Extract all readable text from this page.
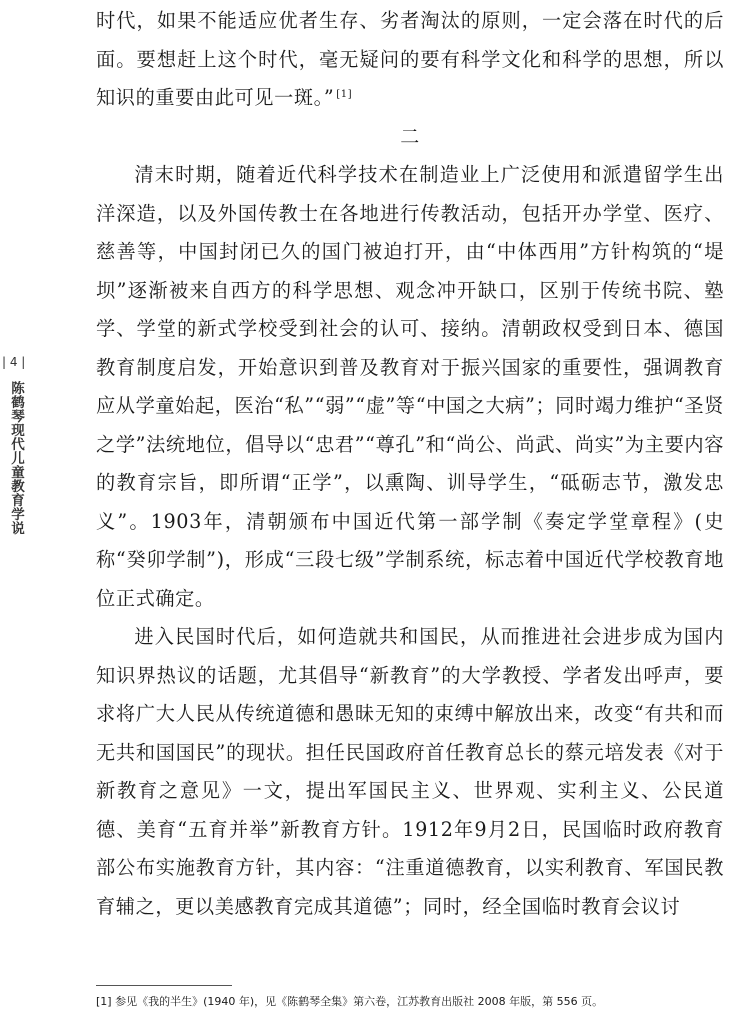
| 4 |
陈鹤琴现代儿童教育学说

时代，如果不能适应优者生存、劣者淘汰的原则，一定会落在时代的后面。要想赶上这个时代，毫无疑问的要有科学文化和科学的思想，所以知识的重要由此可见一斑。” [1]

二

清末时期，随着近代科学技术在制造业上广泛使用和派遣留学生出洋深造，以及外国传教士在各地进行传教活动，包括开办学堂、医疗、慈善等，中国封闭已久的国门被迫打开，由“中体西用”方针构筑的“堤坝”逐渐被来自西方的科学思想、观念冲开缺口，区别于传统书院、塾学、学堂的新式学校受到社会的认可、接纳。清朝政权受到日本、德国教育制度启发，开始意识到普及教育对于振兴国家的重要性，强调教育应从学童始起，医治“私”“弱”“虚”等“中国之大病”；同时竭力维护“圣贤之学”法统地位，倡导以“忠君”“尊孔”和“尚公、尚武、尚实”为主要内容的教育宗旨，即所谓“正学”，以熏陶、训导学生，“砥砺志节，激发忠义”。1903年，清朝颁布中国近代第一部学制《奏定学堂章程》(史称“癸卯学制”)，形成“三段七级”学制系统，标志着中国近代学校教育地位正式确定。

进入民国时代后，如何造就共和国民，从而推进社会进步成为国内知识界热议的话题，尤其倡导“新教育”的大学教授、学者发出呼声，要求将广大人民从传统道德和愚昧无知的束缚中解放出来，改变“有共和而无共和国国民”的现状。担任民国政府首任教育总长的蔡元培发表《对于新教育之意见》一文，提出军国民主义、世界观、实利主义、公民道德、美育“五育并举”新教育方针。1912年9月2日，民国临时政府教育部公布实施教育方针，其内容：“注重道德教育，以实利教育、军国民教育辅之，更以美感教育完成其道德”；同时，经全国临时教育会议讨

[1] 参见《我的半生》(1940 年)，见《陈鹤琴全集》第六卷，江苏教育出版社 2008 年版，第 556 页。
